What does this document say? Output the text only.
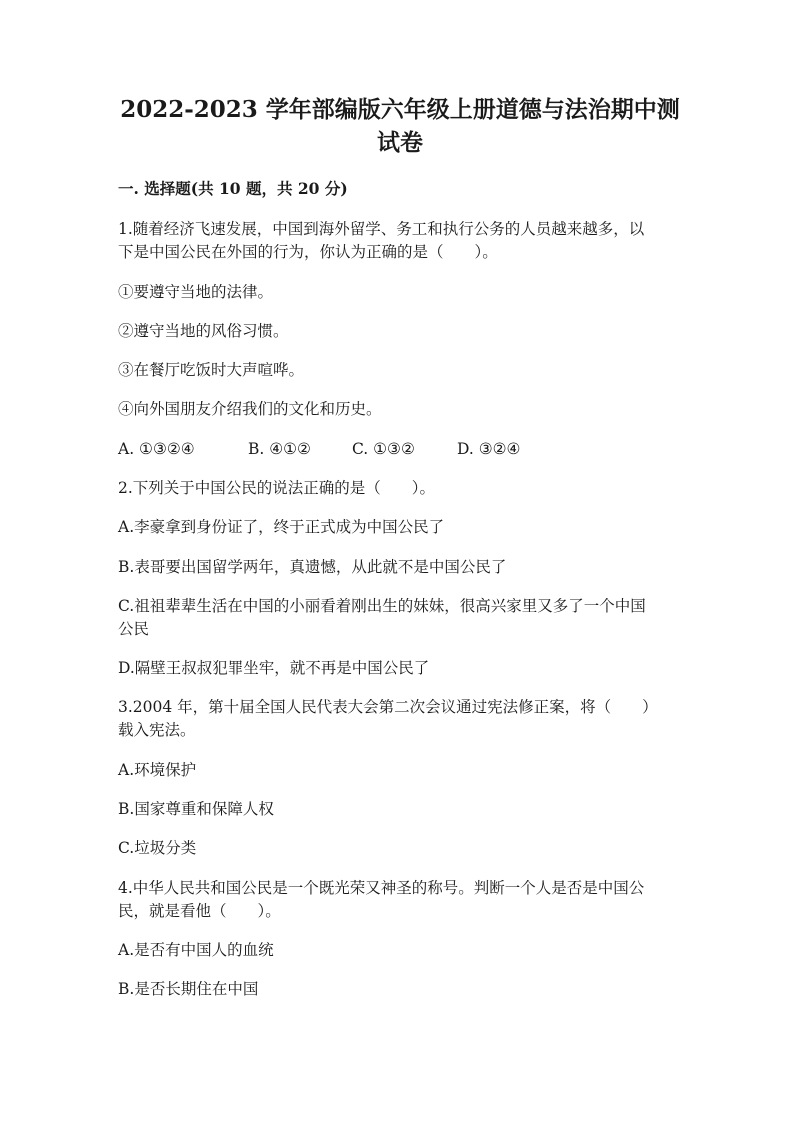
2022-2023 学年部编版六年级上册道德与法治期中测
试卷
一. 选择题(共 10 题，共 20 分)
1.随着经济飞速发展，中国到海外留学、务工和执行公务的人员越来越多，以
下是中国公民在外国的行为，你认为正确的是（　　）。
①要遵守当地的法律。
②遵守当地的风俗习惯。
③在餐厅吃饭时大声喧哗。
④向外国朋友介绍我们的文化和历史。
A. ①③②④	B. ④①②	C. ①③②	D. ③②④
2.下列关于中国公民的说法正确的是（　　）。
A.李豪拿到身份证了，终于正式成为中国公民了
B.表哥要出国留学两年，真遗憾，从此就不是中国公民了
C.祖祖辈辈生活在中国的小丽看着刚出生的妹妹，很高兴家里又多了一个中国
公民
D.隔壁王叔叔犯罪坐牢，就不再是中国公民了
3.2004 年，第十届全国人民代表大会第二次会议通过宪法修正案，将（　　）
载入宪法。
A.环境保护
B.国家尊重和保障人权
C.垃圾分类
4.中华人民共和国公民是一个既光荣又神圣的称号。判断一个人是否是中国公
民，就是看他（　　）。
A.是否有中国人的血统
B.是否长期住在中国
